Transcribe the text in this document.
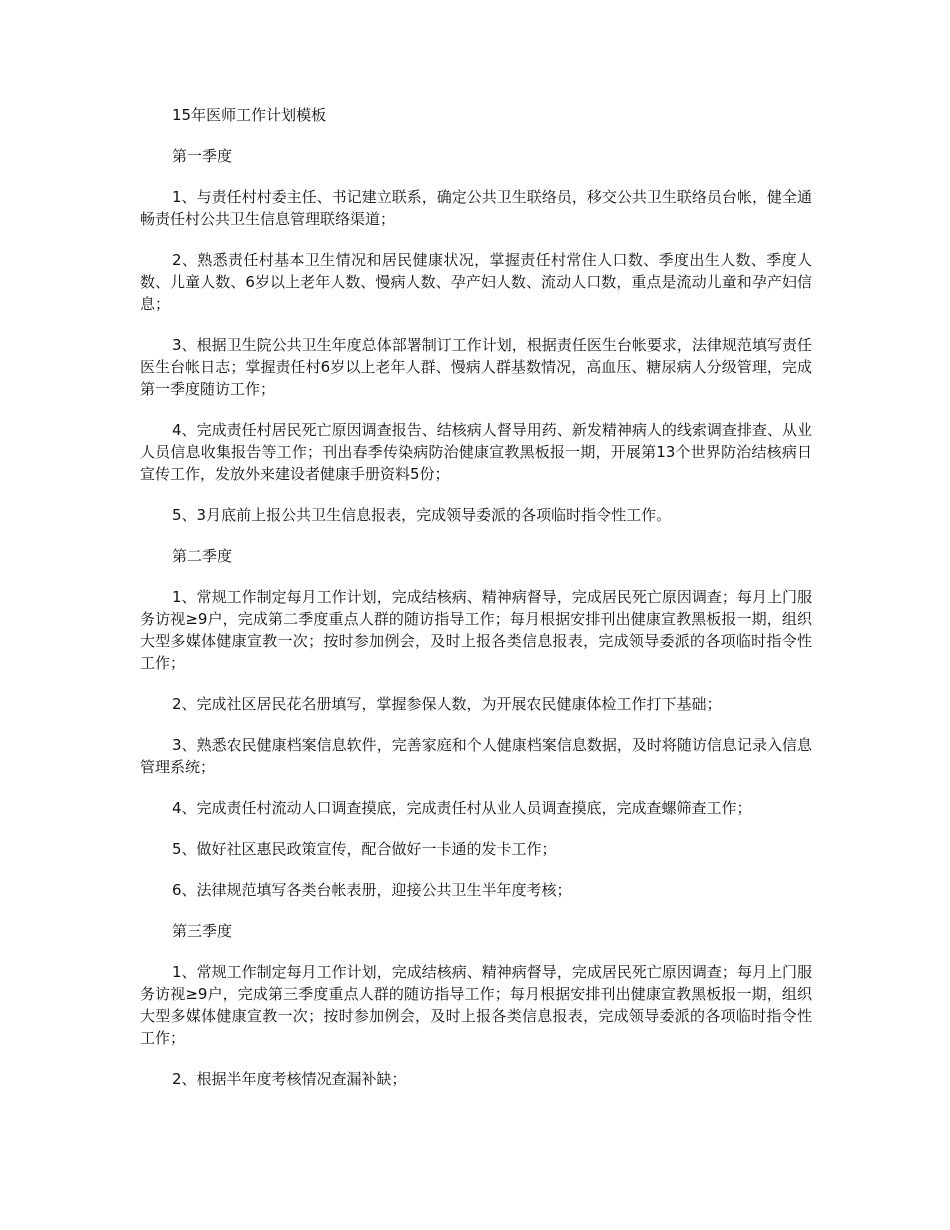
15年医师工作计划模板

第一季度

1、与责任村村委主任、书记建立联系，确定公共卫生联络员，移交公共卫生联络员台帐，健全通畅责任村公共卫生信息管理联络渠道；

2、熟悉责任村基本卫生情况和居民健康状况，掌握责任村常住人口数、季度出生人数、季度人数、儿童人数、6岁以上老年人数、慢病人数、孕产妇人数、流动人口数，重点是流动儿童和孕产妇信息；

3、根据卫生院公共卫生年度总体部署制订工作计划，根据责任医生台帐要求，法律规范填写责任医生台帐日志；掌握责任村6岁以上老年人群、慢病人群基数情况，高血压、糖尿病人分级管理，完成第一季度随访工作；

4、完成责任村居民死亡原因调查报告、结核病人督导用药、新发精神病人的线索调查排查、从业人员信息收集报告等工作；刊出春季传染病防治健康宣教黑板报一期，开展第13个世界防治结核病日宣传工作，发放外来建设者健康手册资料5份；

5、3月底前上报公共卫生信息报表，完成领导委派的各项临时指令性工作。

第二季度

1、常规工作制定每月工作计划，完成结核病、精神病督导，完成居民死亡原因调查；每月上门服务访视≥9户，完成第二季度重点人群的随访指导工作；每月根据安排刊出健康宣教黑板报一期，组织大型多媒体健康宣教一次；按时参加例会，及时上报各类信息报表，完成领导委派的各项临时指令性工作；

2、完成社区居民花名册填写，掌握参保人数，为开展农民健康体检工作打下基础；

3、熟悉农民健康档案信息软件，完善家庭和个人健康档案信息数据，及时将随访信息记录入信息管理系统；

4、完成责任村流动人口调查摸底，完成责任村从业人员调查摸底，完成查螺筛查工作；

5、做好社区惠民政策宣传，配合做好一卡通的发卡工作；

6、法律规范填写各类台帐表册，迎接公共卫生半年度考核；

第三季度

1、常规工作制定每月工作计划，完成结核病、精神病督导，完成居民死亡原因调查；每月上门服务访视≥9户，完成第三季度重点人群的随访指导工作；每月根据安排刊出健康宣教黑板报一期，组织大型多媒体健康宣教一次；按时参加例会，及时上报各类信息报表，完成领导委派的各项临时指令性工作；

2、根据半年度考核情况查漏补缺；
